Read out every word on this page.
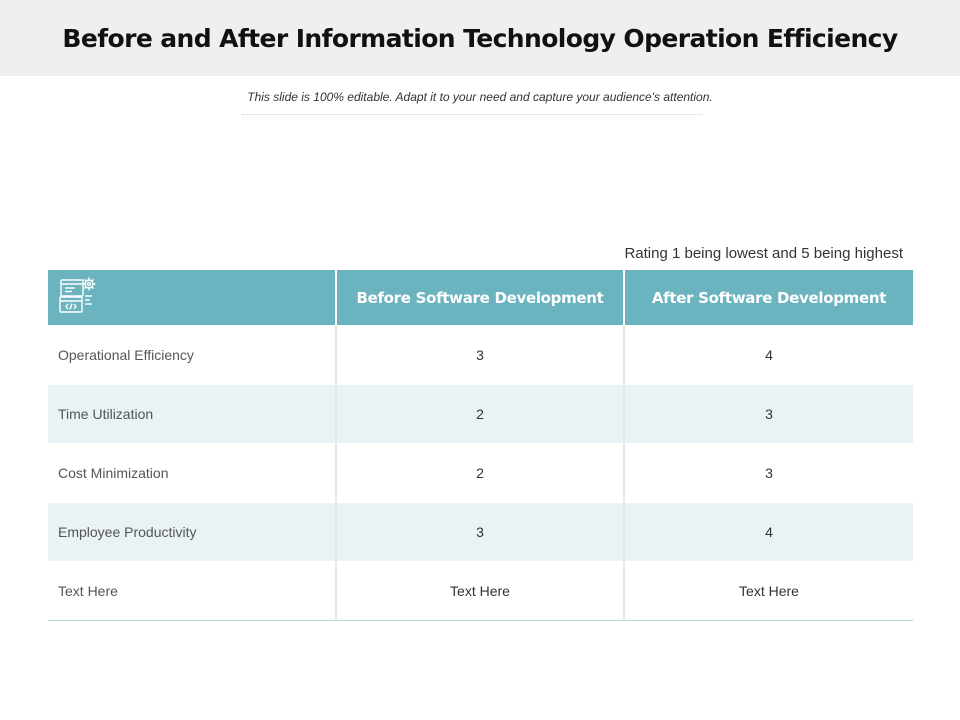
Before and After Information Technology Operation Efficiency
This slide is 100% editable. Adapt it to your need and capture your audience's attention.
Rating 1 being lowest and 5 being highest
	Before Software Development	After Software Development
Operational Efficiency	3	4
Time Utilization	2	3
Cost Minimization	2	3
Employee Productivity	3	4
Text Here	Text Here	Text Here
